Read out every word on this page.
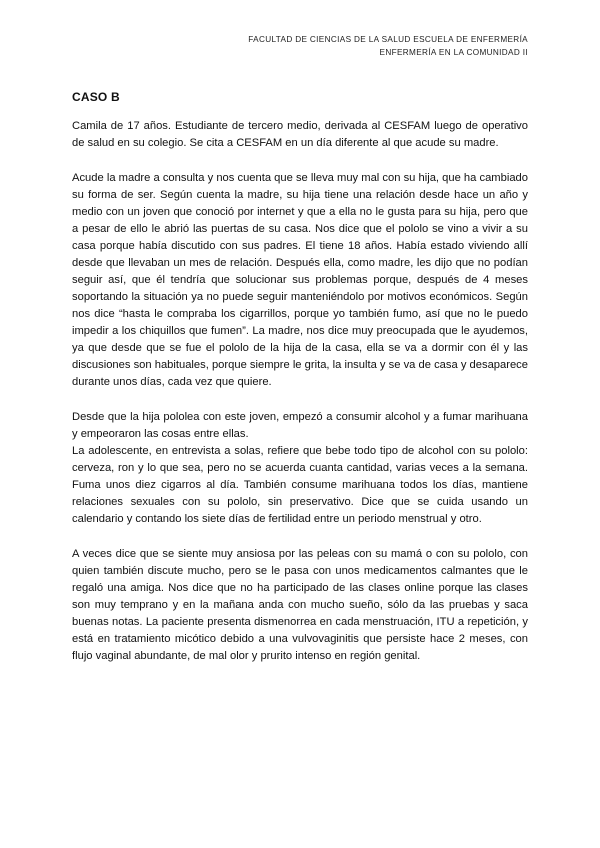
FACULTAD DE CIENCIAS DE LA SALUD ESCUELA DE ENFERMERÍA
ENFERMERÍA EN LA COMUNIDAD II
CASO B

Camila de 17 años. Estudiante de tercero medio, derivada al CESFAM luego de operativo de salud en su colegio. Se cita a CESFAM en un día diferente al que acude su madre.

Acude la madre a consulta y nos cuenta que se lleva muy mal con su hija, que ha cambiado su forma de ser. Según cuenta la madre, su hija tiene una relación desde hace un año y medio con un joven que conoció por internet y que a ella no le gusta para su hija, pero que a pesar de ello le abrió las puertas de su casa. Nos dice que el pololo se vino a vivir a su casa porque había discutido con sus padres. El tiene 18 años. Había estado viviendo allí desde que llevaban un mes de relación. Después ella, como madre, les dijo que no podían seguir así, que él tendría que solucionar sus problemas porque, después de 4 meses soportando la situación ya no puede seguir manteniéndolo por motivos económicos. Según nos dice “hasta le compraba los cigarrillos, porque yo también fumo, así que no le puedo impedir a los chiquillos que fumen”. La madre, nos dice muy preocupada que le ayudemos, ya que desde que se fue el pololo de la hija de la casa, ella se va a dormir con él y las discusiones son habituales, porque siempre le grita, la insulta y se va de casa y desaparece durante unos días, cada vez que quiere.

Desde que la hija pololea con este joven, empezó a consumir alcohol y a fumar marihuana y empeoraron las cosas entre ellas.

La adolescente, en entrevista a solas, refiere que bebe todo tipo de alcohol con su pololo: cerveza, ron y lo que sea, pero no se acuerda cuanta cantidad, varias veces a la semana. Fuma unos diez cigarros al día. También consume marihuana todos los días, mantiene relaciones sexuales con su pololo, sin preservativo. Dice que se cuida usando un calendario y contando los siete días de fertilidad entre un periodo menstrual y otro.

A veces dice que se siente muy ansiosa por las peleas con su mamá o con su pololo, con quien también discute mucho, pero se le pasa con unos medicamentos calmantes que le regaló una amiga. Nos dice que no ha participado de las clases online porque las clases son muy temprano y en la mañana anda con mucho sueño, sólo da las pruebas y saca buenas notas. La paciente presenta dismenorrea en cada menstruación, ITU a repetición, y está en tratamiento micótico debido a una vulvovaginitis que persiste hace 2 meses, con flujo vaginal abundante, de mal olor y prurito intenso en región genital.
